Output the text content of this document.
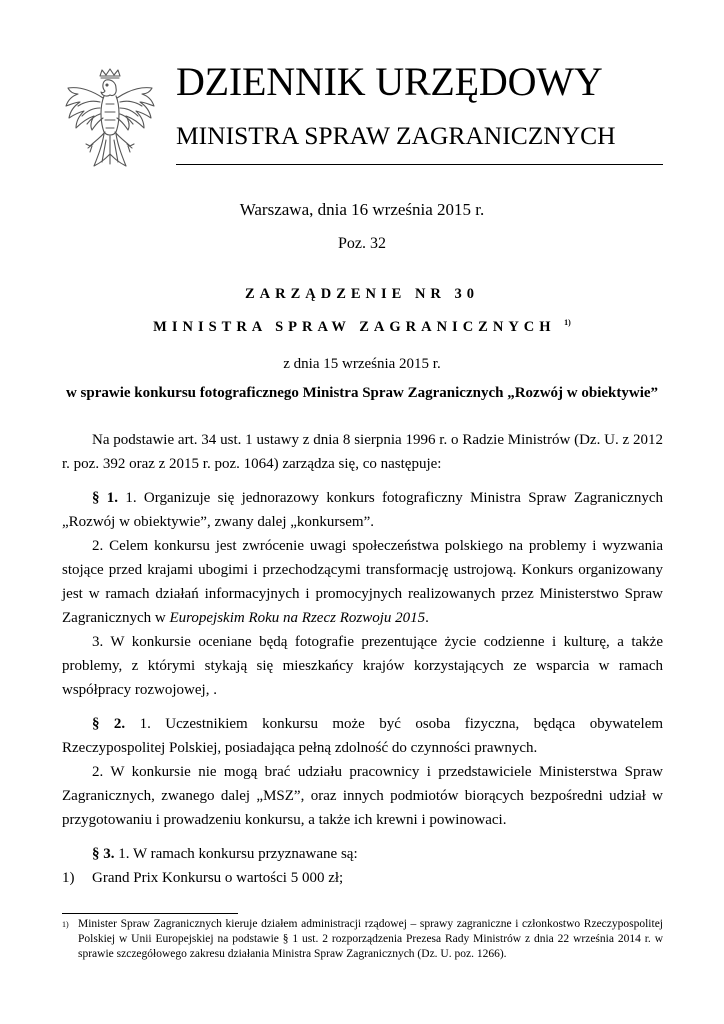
DZIENNIK URZĘDOWY
MINISTRA SPRAW ZAGRANICZNYCH
Warszawa, dnia 16 września 2015 r.
Poz. 32
ZARZĄDZENIE NR 30
MINISTRA SPRAW ZAGRANICZNYCH $^{1)}$
z dnia 15 września 2015 r.
w sprawie konkursu fotograficznego Ministra Spraw Zagranicznych „Rozwój w obiektywie”

Na podstawie art. 34 ust. 1 ustawy z dnia 8 sierpnia 1996 r. o Radzie Ministrów (Dz. U. z 2012 r. poz. 392 oraz z 2015 r. poz. 1064) zarządza się, co następuje:

§ 1. 1. Organizuje się jednorazowy konkurs fotograficzny Ministra Spraw Zagranicznych „Rozwój w obiektywie”, zwany dalej „konkursem”.

2. Celem konkursu jest zwrócenie uwagi społeczeństwa polskiego na problemy i wyzwania stojące przed krajami ubogimi i przechodzącymi transformację ustrojową. Konkurs organizowany jest w ramach działań informacyjnych i promocyjnych realizowanych przez Ministerstwo Spraw Zagranicznych w Europejskim Roku na Rzecz Rozwoju 2015.

3. W konkursie oceniane będą fotografie prezentujące życie codzienne i kulturę, a także problemy, z którymi stykają się mieszkańcy krajów korzystających ze wsparcia w ramach współpracy rozwojowej, .

§ 2. 1. Uczestnikiem konkursu może być osoba fizyczna, będąca obywatelem Rzeczypospolitej Polskiej, posiadająca pełną zdolność do czynności prawnych.

2. W konkursie nie mogą brać udziału pracownicy i przedstawiciele Ministerstwa Spraw Zagranicznych, zwanego dalej „MSZ”, oraz innych podmiotów biorących bezpośredni udział w przygotowaniu i prowadzeniu konkursu, a także ich krewni i powinowaci.

§ 3. 1. W ramach konkursu przyznawane są:

1) Grand Prix Konkursu o wartości 5 000 zł;

1) Minister Spraw Zagranicznych kieruje działem administracji rządowej – sprawy zagraniczne i członkostwo Rzeczypospolitej Polskiej w Unii Europejskiej na podstawie § 1 ust. 2 rozporządzenia Prezesa Rady Ministrów z dnia 22 września 2014 r. w sprawie szczegółowego zakresu działania Ministra Spraw Zagranicznych (Dz. U. poz. 1266).
